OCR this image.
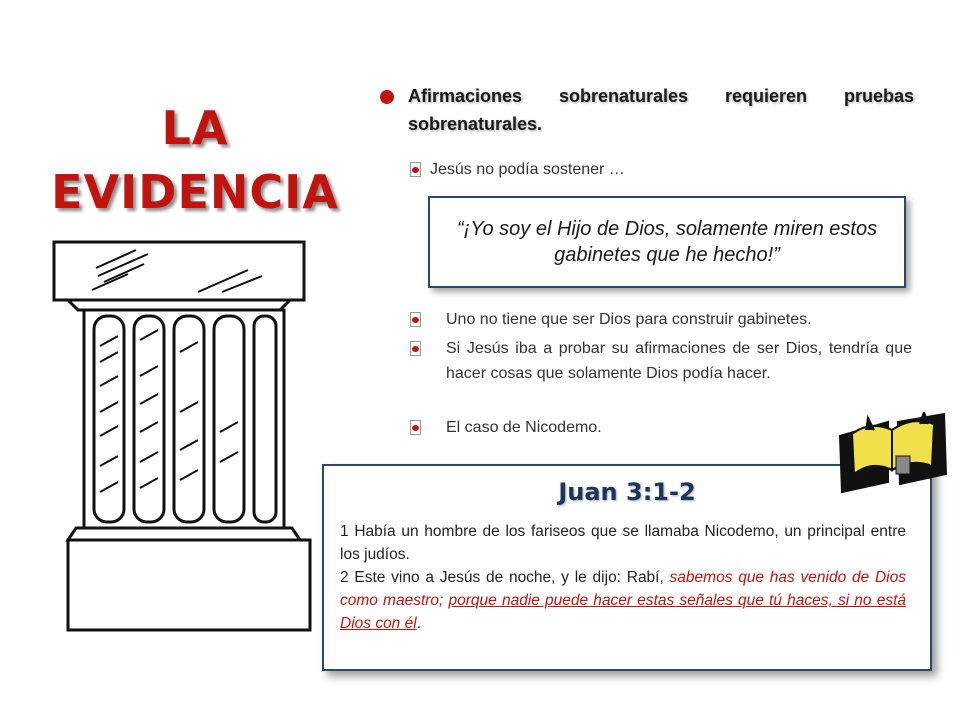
LA
EVIDENCIA
Afirmaciones sobrenaturales requieren pruebas sobrenaturales.
Jesús no podía sostener …
“¡Yo soy el Hijo de Dios, solamente miren estos gabinetes que he hecho!”
Uno no tiene que ser Dios para construir gabinetes.
Si Jesús iba a probar su afirmaciones de ser Dios, tendría que hacer cosas que solamente Dios podía hacer.
El caso de Nicodemo.
Juan 3:1-2
1 Había un hombre de los fariseos que se llamaba Nicodemo, un principal entre los judíos.
2 Este vino a Jesús de noche, y le dijo: Rabí, sabemos que has venido de Dios como maestro; porque nadie puede hacer estas señales que tú haces, si no está Dios con él.
